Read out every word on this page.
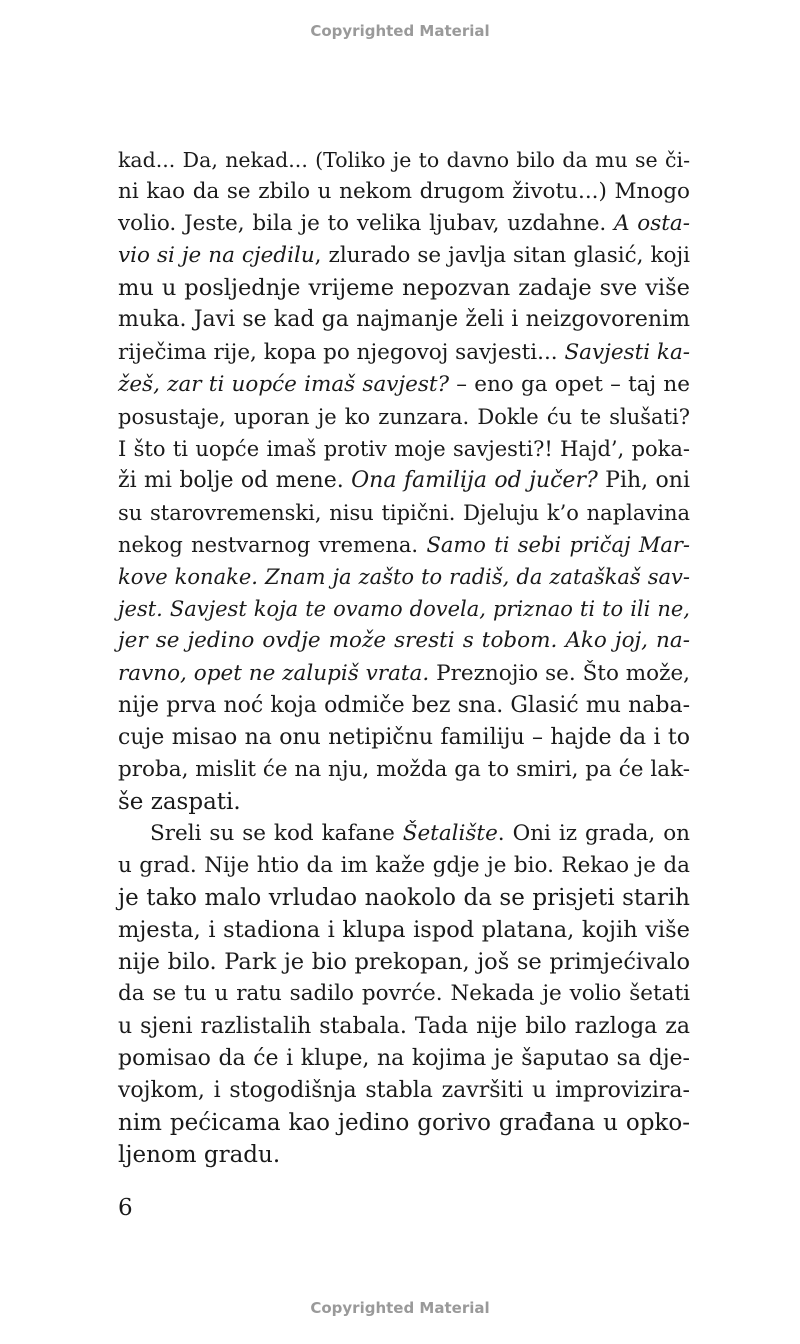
Copyrighted Material
kad... Da, nekad... (Toliko je to davno bilo da mu se či-
ni kao da se zbilo u nekom drugom životu...) Mnogo
volio. Jeste, bila je to velika ljubav, uzdahne. A osta-
vio si je na cjedilu, zlurado se javlja sitan glasić, koji
mu u posljednje vrijeme nepozvan zadaje sve više
muka. Javi se kad ga najmanje želi i neizgovorenim
riječima rije, kopa po njegovoj savjesti... Savjesti ka-
žeš, zar ti uopće imaš savjest? – eno ga opet – taj ne
posustaje, uporan je ko zunzara. Dokle ću te slušati?
I što ti uopće imaš protiv moje savjesti?! Hajd’, poka-
ži mi bolje od mene. Ona familija od jučer? Pih, oni
su starovremenski, nisu tipični. Djeluju k’o naplavina
nekog nestvarnog vremena. Samo ti sebi pričaj Mar-
kove konake. Znam ja zašto to radiš, da zataškaš sav-
jest. Savjest koja te ovamo dovela, priznao ti to ili ne,
jer se jedino ovdje može sresti s tobom. Ako joj, na-
ravno, opet ne zalupiš vrata. Preznojio se. Što može,
nije prva noć koja odmiče bez sna. Glasić mu naba-
cuje misao na onu netipičnu familiju – hajde da i to
proba, mislit će na nju, možda ga to smiri, pa će lak-
še zaspati.
Sreli su se kod kafane Šetalište. Oni iz grada, on
u grad. Nije htio da im kaže gdje je bio. Rekao je da
je tako malo vrludao naokolo da se prisjeti starih
mjesta, i stadiona i klupa ispod platana, kojih više
nije bilo. Park je bio prekopan, još se primjećivalo
da se tu u ratu sadilo povrće. Nekada je volio šetati
u sjeni razlistalih stabala. Tada nije bilo razloga za
pomisao da će i klupe, na kojima je šaputao sa dje-
vojkom, i stogodišnja stabla završiti u improvizira-
nim pećicama kao jedino gorivo građana u opko-
ljenom gradu.
6
Copyrighted Material
